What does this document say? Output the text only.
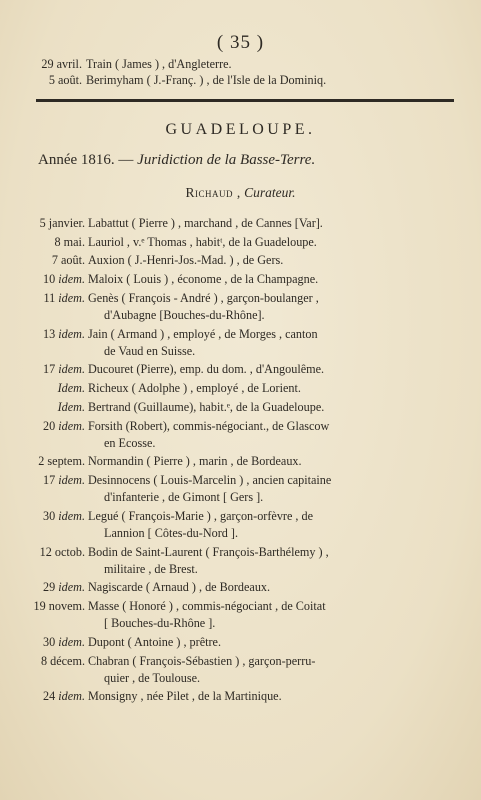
( 35 )
29 avril. Train ( James ) , d'Angleterre.
5 août. Berimyham ( J.-Franç. ) , de l'Isle de la Dominiq.
GUADELOUPE.
Année 1816. — Juridiction de la Basse-Terre.
Richaud , Curateur.
5 janvier. Labattut ( Pierre ) , marchand , de Cannes [Var].
8 mai. Lauriol , v.ᵉ Thomas , habitᵗ, de la Guadeloupe.
7 août. Auxion ( J.-Henri-Jos.-Mad. ) , de Gers.
10 idem. Maloix ( Louis ) , économe , de la Champagne.
11 idem. Genès ( François - André ) , garçon-boulanger ,
d'Aubagne [Bouches-du-Rhône].
13 idem. Jain ( Armand ) , employé , de Morges , canton
de Vaud en Suisse.
17 idem. Ducouret (Pierre), emp. du dom. , d'Angoulême.
Idem. Richeux ( Adolphe ) , employé , de Lorient.
Idem. Bertrand (Guillaume), habit.ᵉ, de la Guadeloupe.
20 idem. Forsith (Robert), commis-négociant., de Glascow
en Ecosse.
2 septem. Normandin ( Pierre ) , marin , de Bordeaux.
17 idem. Desinnocens ( Louis-Marcelin ) , ancien capitaine
d'infanterie , de Gimont [ Gers ].
30 idem. Legué ( François-Marie ) , garçon-orfèvre , de
Lannion [ Côtes-du-Nord ].
12 octob. Bodin de Saint-Laurent ( François-Barthélemy ) ,
militaire , de Brest.
29 idem. Nagiscarde ( Arnaud ) , de Bordeaux.
19 novem. Masse ( Honoré ) , commis-négociant , de Coitat
[ Bouches-du-Rhône ].
30 idem. Dupont ( Antoine ) , prêtre.
8 décem. Chabran ( François-Sébastien ) , garçon-perru-
quier , de Toulouse.
24 idem. Monsigny , née Pilet , de la Martinique.
